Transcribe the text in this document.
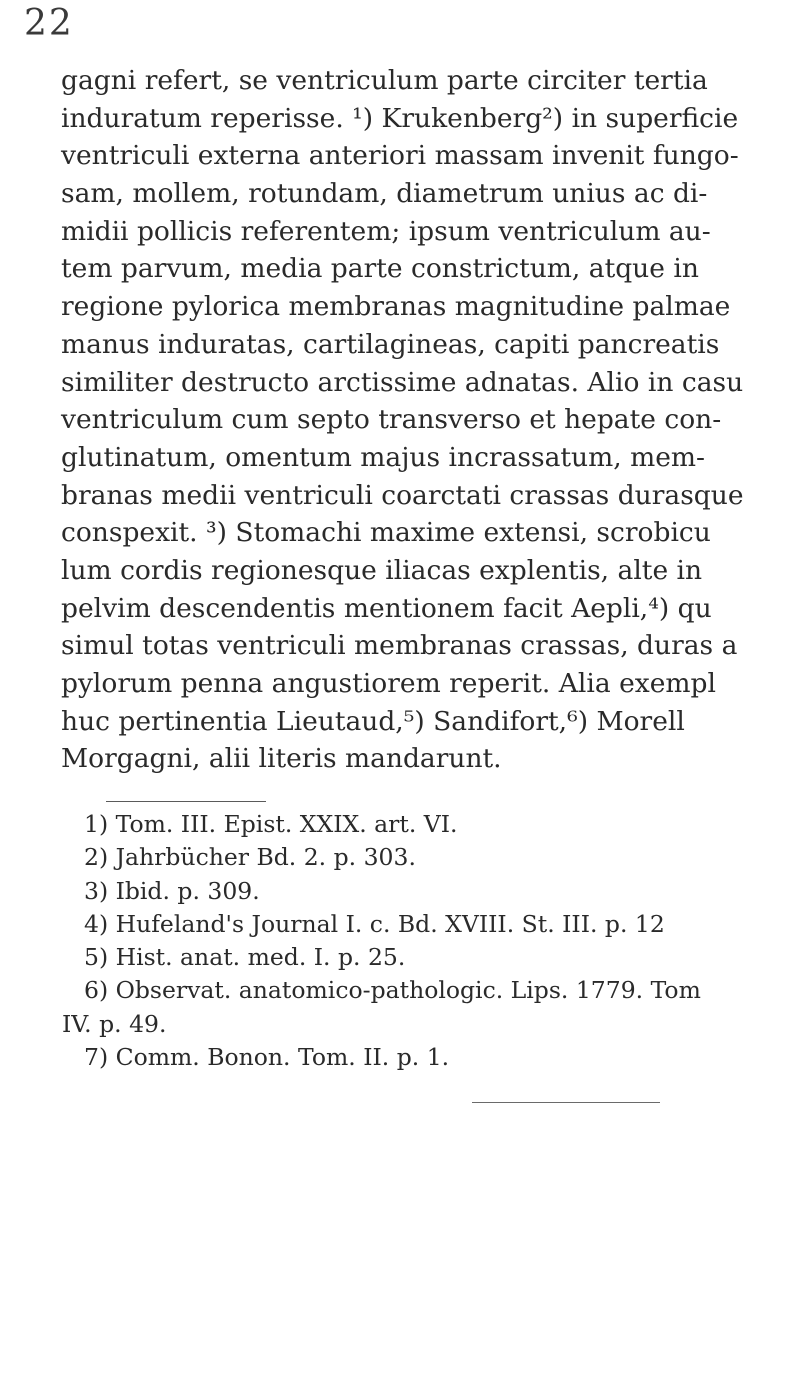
22
gagni refert, se ventriculum parte circiter tertia
induratum reperisse. ¹) Krukenberg²) in superficie
ventriculi externa anteriori massam invenit fungo-
sam, mollem, rotundam, diametrum unius ac di-
midii pollicis referentem; ipsum ventriculum au-
tem parvum, media parte constrictum, atque in
regione pylorica membranas magnitudine palmae
manus induratas, cartilagineas, capiti pancreatis
similiter destructo arctissime adnatas. Alio in casu
ventriculum cum septo transverso et hepate con-
glutinatum, omentum majus incrassatum, mem-
branas medii ventriculi coarctati crassas durasque
conspexit. ³) Stomachi maxime extensi, scrobicu
lum cordis regionesque iliacas explentis, alte in
pelvim descendentis mentionem facit Aepli,⁴) qu
simul totas ventriculi membranas crassas, duras a
pylorum penna angustiorem reperit. Alia exempl
huc pertinentia Lieutaud,⁵) Sandifort,⁶) Morell
Morgagni, alii literis mandarunt.
1) Tom. III. Epist. XXIX. art. VI.
2) Jahrbücher Bd. 2. p. 303.
3) Ibid. p. 309.
4) Hufeland's Journal I. c. Bd. XVIII. St. III. p. 12
5) Hist. anat. med. I. p. 25.
6) Observat. anatomico-pathologic. Lips. 1779. Tom
IV. p. 49.
7) Comm. Bonon. Tom. II. p. 1.
